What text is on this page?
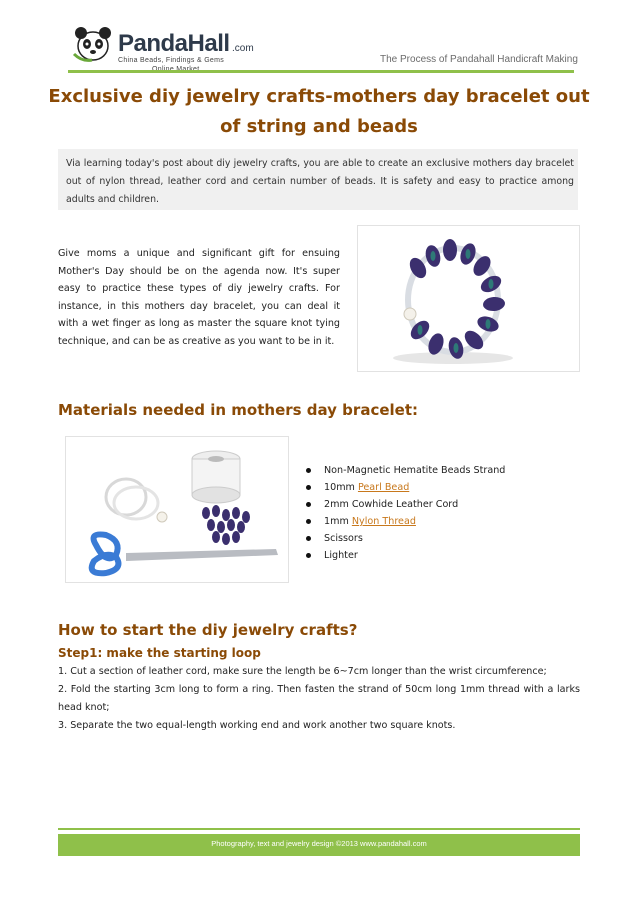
PandaHall .com
China Beads, Findings & Gems	The Process of Pandahall Handicraft Making
Exclusive diy jewelry crafts-mothers day bracelet out of string and beads
Via learning today's post about diy jewelry crafts, you are able to create an exclusive mothers day bracelet out of nylon thread, leather cord and certain number of beads. It is safety and easy to practice among adults and children.
Give moms a unique and significant gift for ensuing Mother's Day should be on the agenda now. It's super easy to practice these types of diy jewelry crafts. For instance, in this mothers day bracelet, you can deal it with a wet finger as long as master the square knot tying technique, and can be as creative as you want to be in it.
Materials needed in mothers day bracelet:
Non-Magnetic Hematite Beads Strand
10mm Pearl Bead
2mm Cowhide Leather Cord
1mm Nylon Thread
Scissors
Lighter
How to start the diy jewelry crafts?
Step1: make the starting loop

1. Cut a section of leather cord, make sure the length be 6~7cm longer than the wrist circumference;

2. Fold the starting 3cm long to form a ring. Then fasten the strand of 50cm long 1mm thread with a larks head knot;

3. Separate the two equal-length working end and work another two square knots.

Photography, text and jewelry design ©2013 www.pandahall.com
